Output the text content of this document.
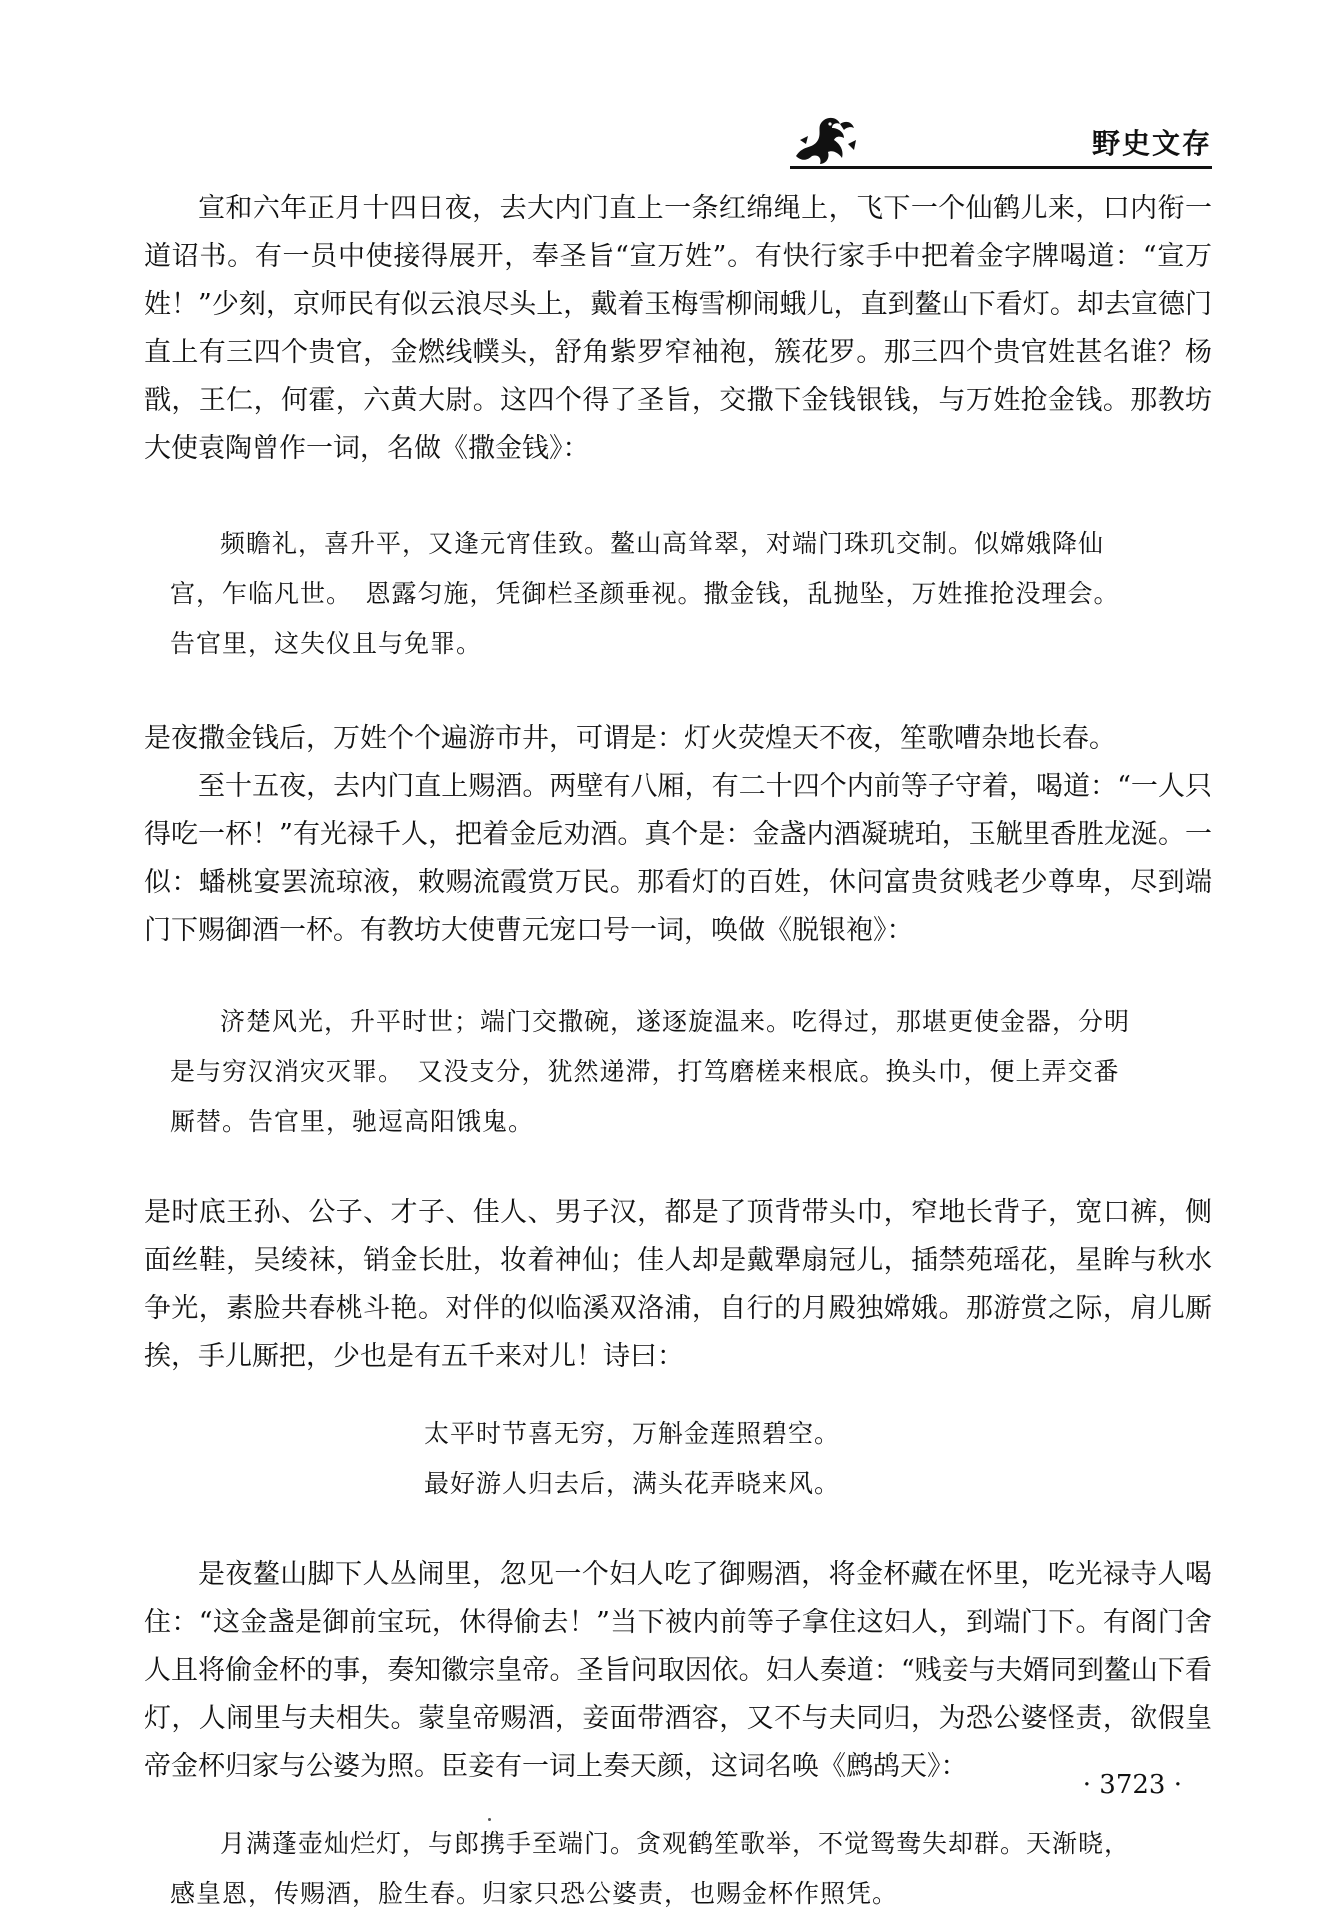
野史文存

宣和六年正月十四日夜，去大内门直上一条红绵绳上，飞下一个仙鹤儿来，口内衔一道诏书。有一员中使接得展开，奉圣旨“宣万姓”。有快行家手中把着金字牌喝道：“宣万姓！”少刻，京师民有似云浪尽头上，戴着玉梅雪柳闹蛾儿，直到鳌山下看灯。却去宣德门直上有三四个贵官，金燃线幞头，舒角紫罗窄袖袍，簇花罗。那三四个贵官姓甚名谁？杨戬，王仁，何霍，六黄大尉。这四个得了圣旨，交撒下金钱银钱，与万姓抢金钱。那教坊大使袁陶曾作一词，名做《撒金钱》：

频瞻礼，喜升平，又逢元宵佳致。鳌山高耸翠，对端门珠玑交制。似嫦娥降仙宫，乍临凡世。　恩露匀施，凭御栏圣颜垂视。撒金钱，乱抛坠，万姓推抢没理会。告官里，这失仪且与免罪。

是夜撒金钱后，万姓个个遍游市井，可谓是：灯火荧煌天不夜，笙歌嘈杂地长春。

至十五夜，去内门直上赐酒。两壁有八厢，有二十四个内前等子守着，喝道：“一人只得吃一杯！”有光禄千人，把着金卮劝酒。真个是：金盏内酒凝琥珀，玉觥里香胜龙涎。一似：蟠桃宴罢流琼液，敕赐流霞赏万民。那看灯的百姓，休问富贵贫贱老少尊卑，尽到端门下赐御酒一杯。有教坊大使曹元宠口号一词，唤做《脱银袍》：

济楚风光，升平时世；端门交撒碗，遂逐旋温来。吃得过，那堪更使金器，分明是与穷汉消灾灭罪。　又没支分，犹然递滞，打笃磨槎来根底。换头巾，便上弄交番厮替。告官里，驰逗高阳饿鬼。

是时底王孙、公子、才子、佳人、男子汉，都是了顶背带头巾，窄地长背子，宽口裤，侧面丝鞋，吴绫袜，销金长肚，妆着神仙；佳人却是戴犟扇冠儿，插禁苑瑶花，星眸与秋水争光，素脸共春桃斗艳。对伴的似临溪双洛浦，自行的月殿独嫦娥。那游赏之际，肩儿厮挨，手儿厮把，少也是有五千来对儿！诗曰：

太平时节喜无穷，万斛金莲照碧空。
最好游人归去后，满头花弄晓来风。

是夜鳌山脚下人丛闹里，忽见一个妇人吃了御赐酒，将金杯藏在怀里，吃光禄寺人喝住：“这金盏是御前宝玩，休得偷去！”当下被内前等子拿住这妇人，到端门下。有阁门舍人且将偷金杯的事，奏知徽宗皇帝。圣旨问取因依。妇人奏道：“贱妾与夫婿同到鳌山下看灯，人闹里与夫相失。蒙皇帝赐酒，妾面带酒容，又不与夫同归，为恐公婆怪责，欲假皇帝金杯归家与公婆为照。臣妾有一词上奏天颜，这词名唤《鹧鸪天》：

月满蓬壶灿烂灯，与郎携手至端门。贪观鹤笙歌举，不觉鸳鸯失却群。天渐晓，感皇恩，传赐酒，脸生春。归家只恐公婆责，也赐金杯作照凭。

· 3723 ·
